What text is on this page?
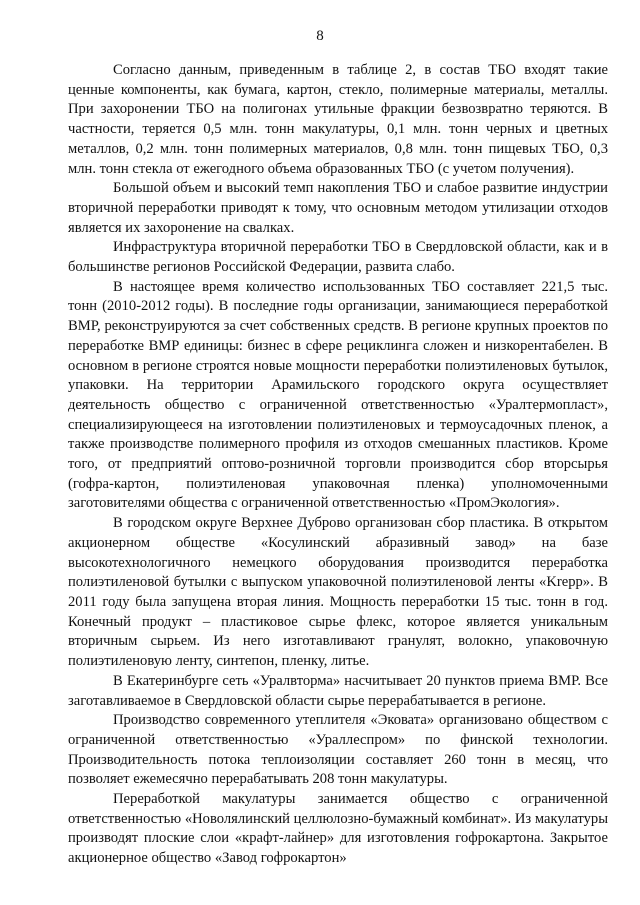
8

Согласно данным, приведенным в таблице 2, в состав ТБО входят такие ценные компоненты, как бумага, картон, стекло, полимерные материалы, металлы. При захоронении ТБО на полигонах утильные фракции безвозвратно теряются. В частности, теряется 0,5 млн. тонн макулатуры, 0,1 млн. тонн черных и цветных металлов, 0,2 млн. тонн полимерных материалов, 0,8 млн. тонн пищевых ТБО, 0,3 млн. тонн стекла от ежегодного объема образованных ТБО (с учетом получения).

Большой объем и высокий темп накопления ТБО и слабое развитие индустрии вторичной переработки приводят к тому, что основным методом утилизации отходов является их захоронение на свалках.

Инфраструктура вторичной переработки ТБО в Свердловской области, как и в большинстве регионов Российской Федерации, развита слабо.

В настоящее время количество использованных ТБО составляет 221,5 тыс. тонн (2010-2012 годы). В последние годы организации, занимающиеся переработкой ВМР, реконструируются за счет собственных средств. В регионе крупных проектов по переработке ВМР единицы: бизнес в сфере рециклинга сложен и низкорентабелен. В основном в регионе строятся новые мощности переработки полиэтиленовых бутылок, упаковки. На территории Арамильского городского округа осуществляет деятельность общество с ограниченной ответственностью «Уралтермопласт», специализирующееся на изготовлении полиэтиленовых и термоусадочных пленок, а также производстве полимерного профиля из отходов смешанных пластиков. Кроме того, от предприятий оптово-розничной торговли производится сбор вторсырья (гофра-картон, полиэтиленовая упаковочная пленка) уполномоченными заготовителями общества с ограниченной ответственностью «ПромЭкология».

В городском округе Верхнее Дуброво организован сбор пластика. В открытом акционерном обществе «Косулинский абразивный завод» на базе высокотехнологичного немецкого оборудования производится переработка полиэтиленовой бутылки с выпуском упаковочной полиэтиленовой ленты «Krepp». В 2011 году была запущена вторая линия. Мощность переработки 15 тыс. тонн в год. Конечный продукт – пластиковое сырье флекс, которое является уникальным вторичным сырьем. Из него изготавливают гранулят, волокно, упаковочную полиэтиленовую ленту, синтепон, пленку, литье.

В Екатеринбурге сеть «Уралвторма» насчитывает 20 пунктов приема ВМР. Все заготавливаемое в Свердловской области сырье перерабатывается в регионе.

Производство современного утеплителя «Эковата» организовано обществом с ограниченной ответственностью «Ураллеспром» по финской технологии. Производительность потока теплоизоляции составляет 260 тонн в месяц, что позволяет ежемесячно перерабатывать 208 тонн макулатуры.

Переработкой макулатуры занимается общество с ограниченной ответственностью «Новолялинский целлюлозно-бумажный комбинат». Из макулатуры производят плоские слои «крафт-лайнер» для изготовления гофрокартона. Закрытое акционерное общество «Завод гофрокартон»
